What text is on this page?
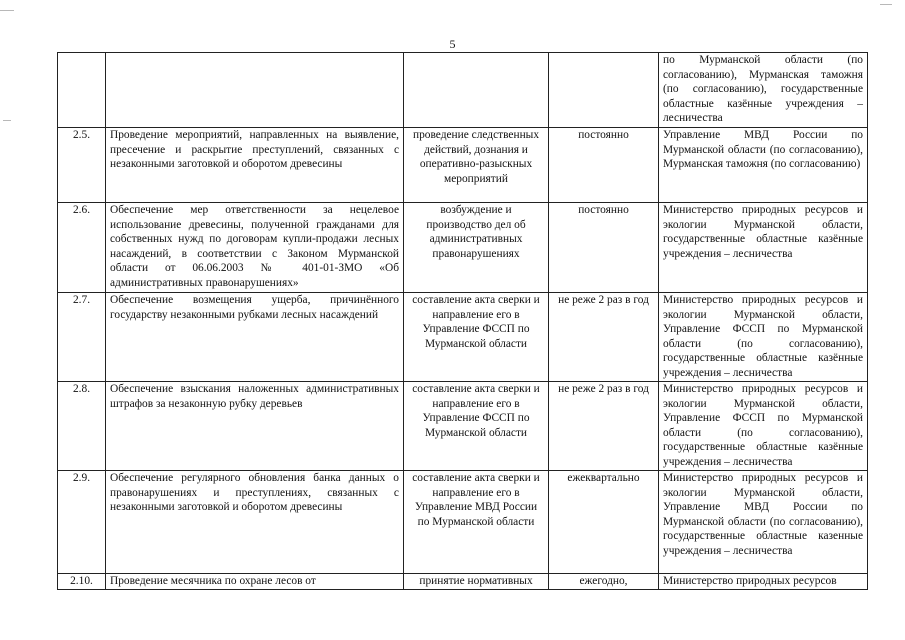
5
				по Мурманской области (по согласованию), Мурманская таможня (по согласованию), государственные областные казённые учреждения – лесничества
2.5.	Проведение мероприятий, направленных на выявление, пресечение и раскрытие преступлений, связанных с незаконными заготовкой и оборотом древесины	проведение следственных действий, дознания и оперативно-разыскных мероприятий	постоянно	Управление МВД России по Мурманской области (по согласованию), Мурманская таможня (по согласованию)
2.6.	Обеспечение мер ответственности за нецелевое использование древесины, полученной гражданами для собственных нужд по договорам купли-продажи лесных насаждений, в соответствии с Законом Мурманской области от 06.06.2003 № 401-01-ЗМО «Об административных правонарушениях»	возбуждение и производство дел об административных правонарушениях	постоянно	Министерство природных ресурсов и экологии Мурманской области, государственные областные казённые учреждения – лесничества
2.7.	Обеспечение возмещения ущерба, причинённого государству незаконными рубками лесных насаждений	составление акта сверки и направление его в Управление ФССП по Мурманской области	не реже 2 раз в год	Министерство природных ресурсов и экологии Мурманской области, Управление ФССП по Мурманской области (по согласованию), государственные областные казённые учреждения – лесничества
2.8.	Обеспечение взыскания наложенных административных штрафов за незаконную рубку деревьев	составление акта сверки и направление его в Управление ФССП по Мурманской области	не реже 2 раз в год	Министерство природных ресурсов и экологии Мурманской области, Управление ФССП по Мурманской области (по согласованию), государственные областные казённые учреждения – лесничества
2.9.	Обеспечение регулярного обновления банка данных о правонарушениях и преступлениях, связанных с незаконными заготовкой и оборотом древесины	составление акта сверки и направление его в Управление МВД России по Мурманской области	ежеквартально	Министерство природных ресурсов и экологии Мурманской области, Управление МВД России по Мурманской области (по согласованию), государственные областные казенные учреждения – лесничества
2.10.	Проведение месячника по охране лесов от	принятие нормативных	ежегодно,	Министерство природных ресурсов
